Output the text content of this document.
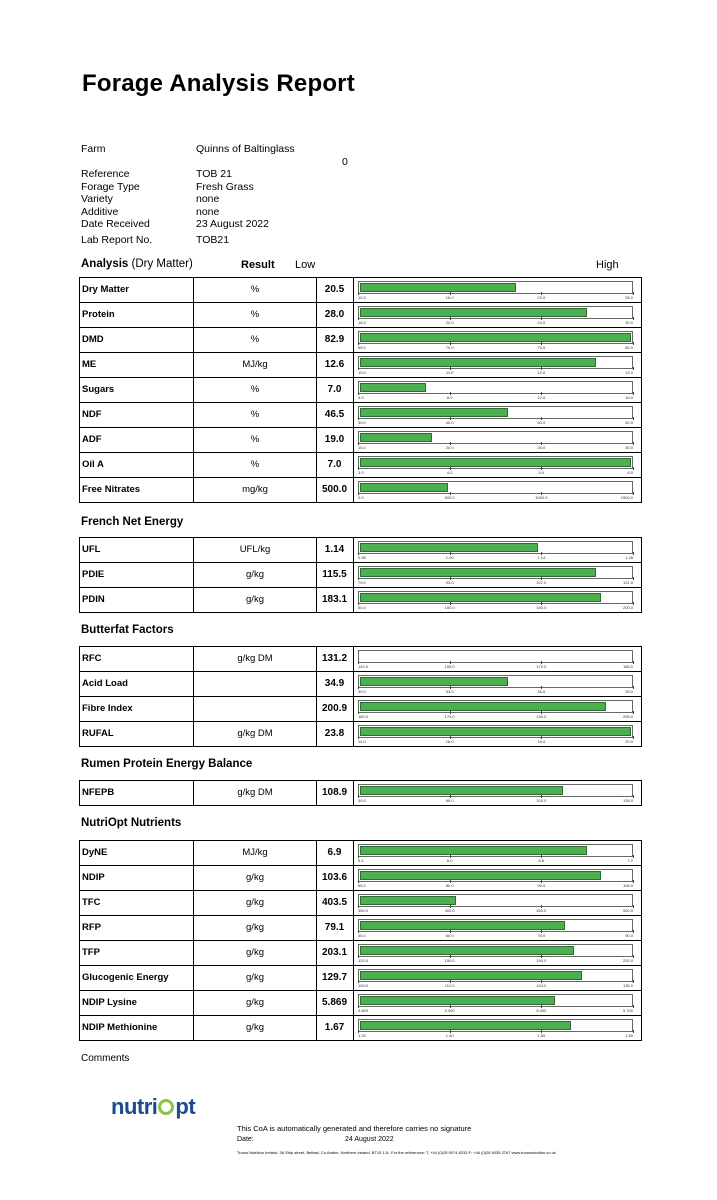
Forage Analysis Report
Farm	Quinns of Baltinglass
0
Reference	TOB 21
Forage Type	Fresh Grass
Variety	none
Additive	none
Date Received	23 August 2022
Lab Report No.	TOB21
Analysis (Dry Matter)	Result Low	High
French Net Energy
Butterfat Factors
Rumen Protein Energy Balance
NutriOpt Nutrients
Dry Matter	%	20.5
10.5	16.0	22.0	28.0
Protein	%	28.0
18.0	22.0	24.0	30.0
DMD	%	82.9
65.0	70.0	75.0	80.0
ME	MJ/kg	12.6
10.0	11.0	12.0	13.0
Sugars	%	7.0
4.0	8.0	12.0	16.0
NDF	%	46.5
30.0	40.0	50.0	60.0
ADF	%	19.0
15.0	20.0	25.0	30.0
Oil A	%	7.0
3.0	4.0	5.0	6.0
Free Nitrates	mg/kg	500.0
0.0	500.0	1000.0	1500.0
UFL	UFL/kg	1.14
0.96	1.00	1.14	1.28
PDIE	g/kg	115.5
79.0	93.0	107.0	121.0
PDIN	g/kg	183.1
50.0	100.0	150.0	200.0
RFC	g/kg DM	131.2
140.0	155.0	170.0	185.0
Acid Load	34.9
30.0	33.0	36.0	39.0
Fibre Index	200.9
160.0	175.0	190.0	205.0
RUFAL	g/kg DM	23.8
14.0	16.0	18.0	20.0
NFEPB	g/kg DM	108.9
30.0	65.0	100.0	135.0
DyNE	MJ/kg	6.9
5.4	6.0	6.6	7.2
NDIP	g/kg	103.6
65.0	80.0	95.0	105.0
TFC	g/kg	403.5
350.0	400.0	450.0	500.0
RFP	g/kg	79.1
45.0	60.0	75.0	90.0
TFP	g/kg	203.1
120.0	150.0	190.0	220.0
Glucogenic Energy	g/kg	129.7
100.0	112.0	124.0	136.0
NDIP Lysine	g/kg	5.869
4.800	5.300	5.400	5.700
NDIP Methionine	g/kg	1.67
1.20	1.40	1.60	1.80
Comments
nutri pt
This CoA is automatically generated and therefore carries no signature
Date:	24 August 2022
Trouw Nutrition Ireland, 36 Ship street, Belfast, Co Antrim, Northern Ireland, BT15 1JL. For the references: T. +44 (0)28 9074 8233 F: +44 (0)28 9035 2767 www.trouwnutrition.co.uk
